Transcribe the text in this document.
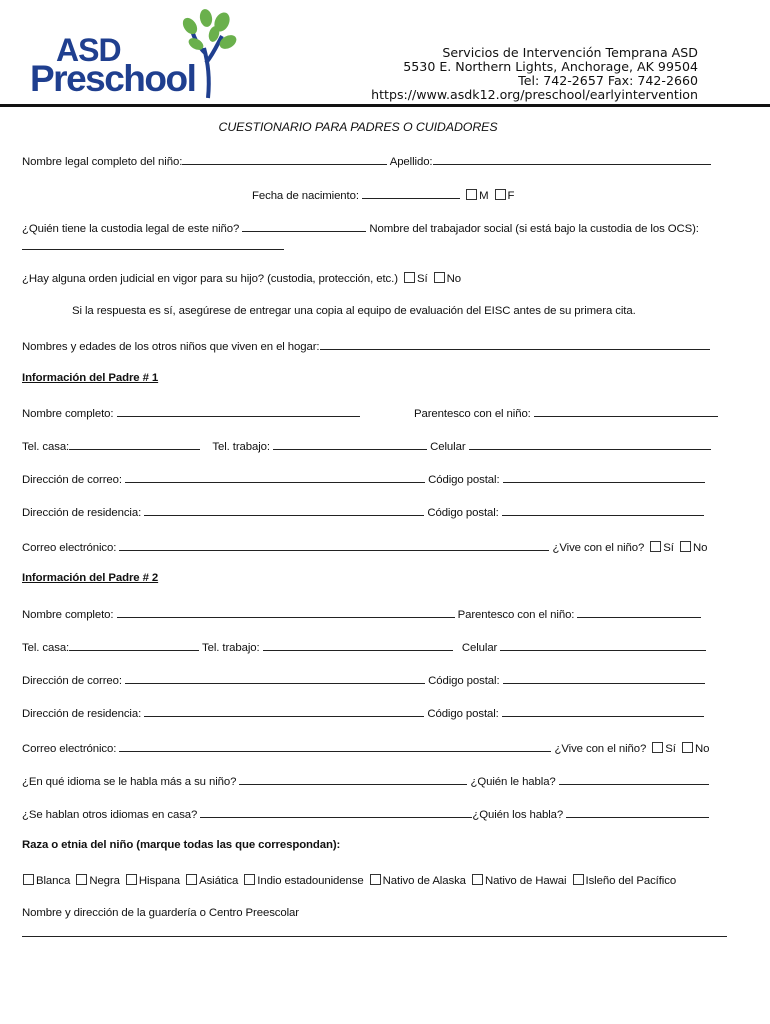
ASD
Preschool
Servicios de Intervención Temprana ASD
5530 E. Northern Lights, Anchorage, AK 99504
Tel: 742-2657 Fax: 742-2660
https://www.asdk12.org/preschool/earlyintervention
CUESTIONARIO PARA PADRES O CUIDADORES
Nombre legal completo del niño:	Apellido:
Fecha de nacimiento:	M F
¿Quién tiene la custodia legal de este niño?	Nombre del trabajador social (si está bajo la custodia de los OCS):
¿Hay alguna orden judicial en vigor para su hijo? (custodia, protección, etc.) Sí No
Si la respuesta es sí, asegúrese de entregar una copia al equipo de evaluación del EISC antes de su primera cita.
Nombres y edades de los otros niños que viven en el hogar:
Información del Padre # 1
Nombre completo:	Parentesco con el niño:
Tel. casa:	Tel. trabajo:	Celular
Dirección de correo:	Código postal:
Dirección de residencia:	Código postal:
Correo electrónico:	¿Vive con el niño? Sí No
Información del Padre # 2
Nombre completo:	Parentesco con el niño:
Tel. casa:	Tel. trabajo:	Celular
Dirección de correo:	Código postal:
Dirección de residencia:	Código postal:
Correo electrónico:	¿Vive con el niño? Sí No
¿En qué idioma se le habla más a su niño?	¿Quién le habla?
¿Se hablan otros idiomas en casa?	¿Quién los habla?
Raza o etnia del niño (marque todas las que correspondan):
Blanca Negra Hispana Asiática Indio estadounidense Nativo de Alaska Nativo de Hawai Isleño del Pacífico
Nombre y dirección de la guardería o Centro Preescolar
